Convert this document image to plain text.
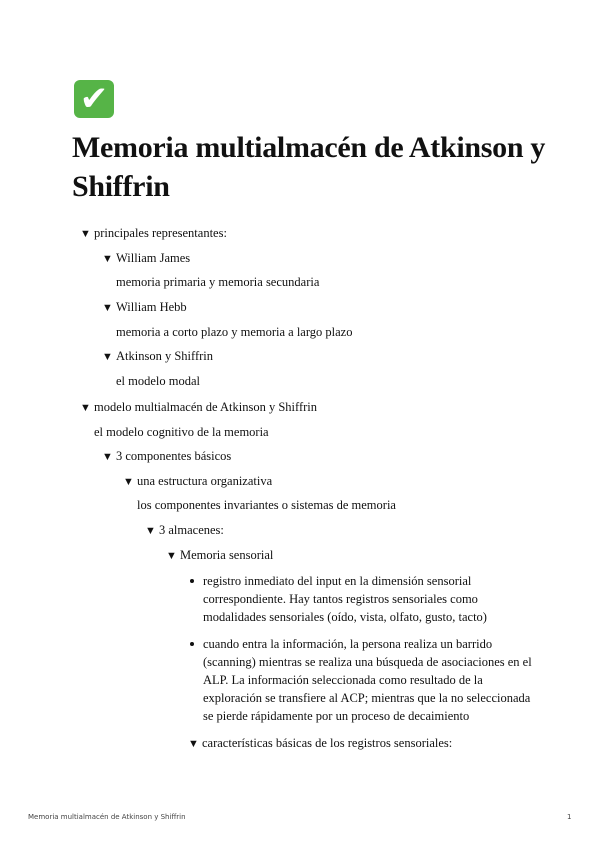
✔
Memoria multialmacén de Atkinson y Shiffrin
▼ principales representantes:
▼ William James
memoria primaria y memoria secundaria
▼ William Hebb
memoria a corto plazo y memoria a largo plazo
▼ Atkinson y Shiffrin
el modelo modal
▼ modelo multialmacén de Atkinson y Shiffrin
el modelo cognitivo de la memoria
▼ 3 componentes básicos
▼ una estructura organizativa
los componentes invariantes o sistemas de memoria
▼ 3 almacenes:
▼ Memoria sensorial
registro inmediato del input en la dimensión sensorial
correspondiente. Hay tantos registros sensoriales como
modalidades sensoriales (oído, vista, olfato, gusto, tacto)
cuando entra la información, la persona realiza un barrido
(scanning) mientras se realiza una búsqueda de asociaciones en el
ALP. La información seleccionada como resultado de la
exploración se transfiere al ACP; mientras que la no seleccionada
se pierde rápidamente por un proceso de decaimiento
▼ características básicas de los registros sensoriales:
Memoria multialmacén de Atkinson y Shiffrin	1
